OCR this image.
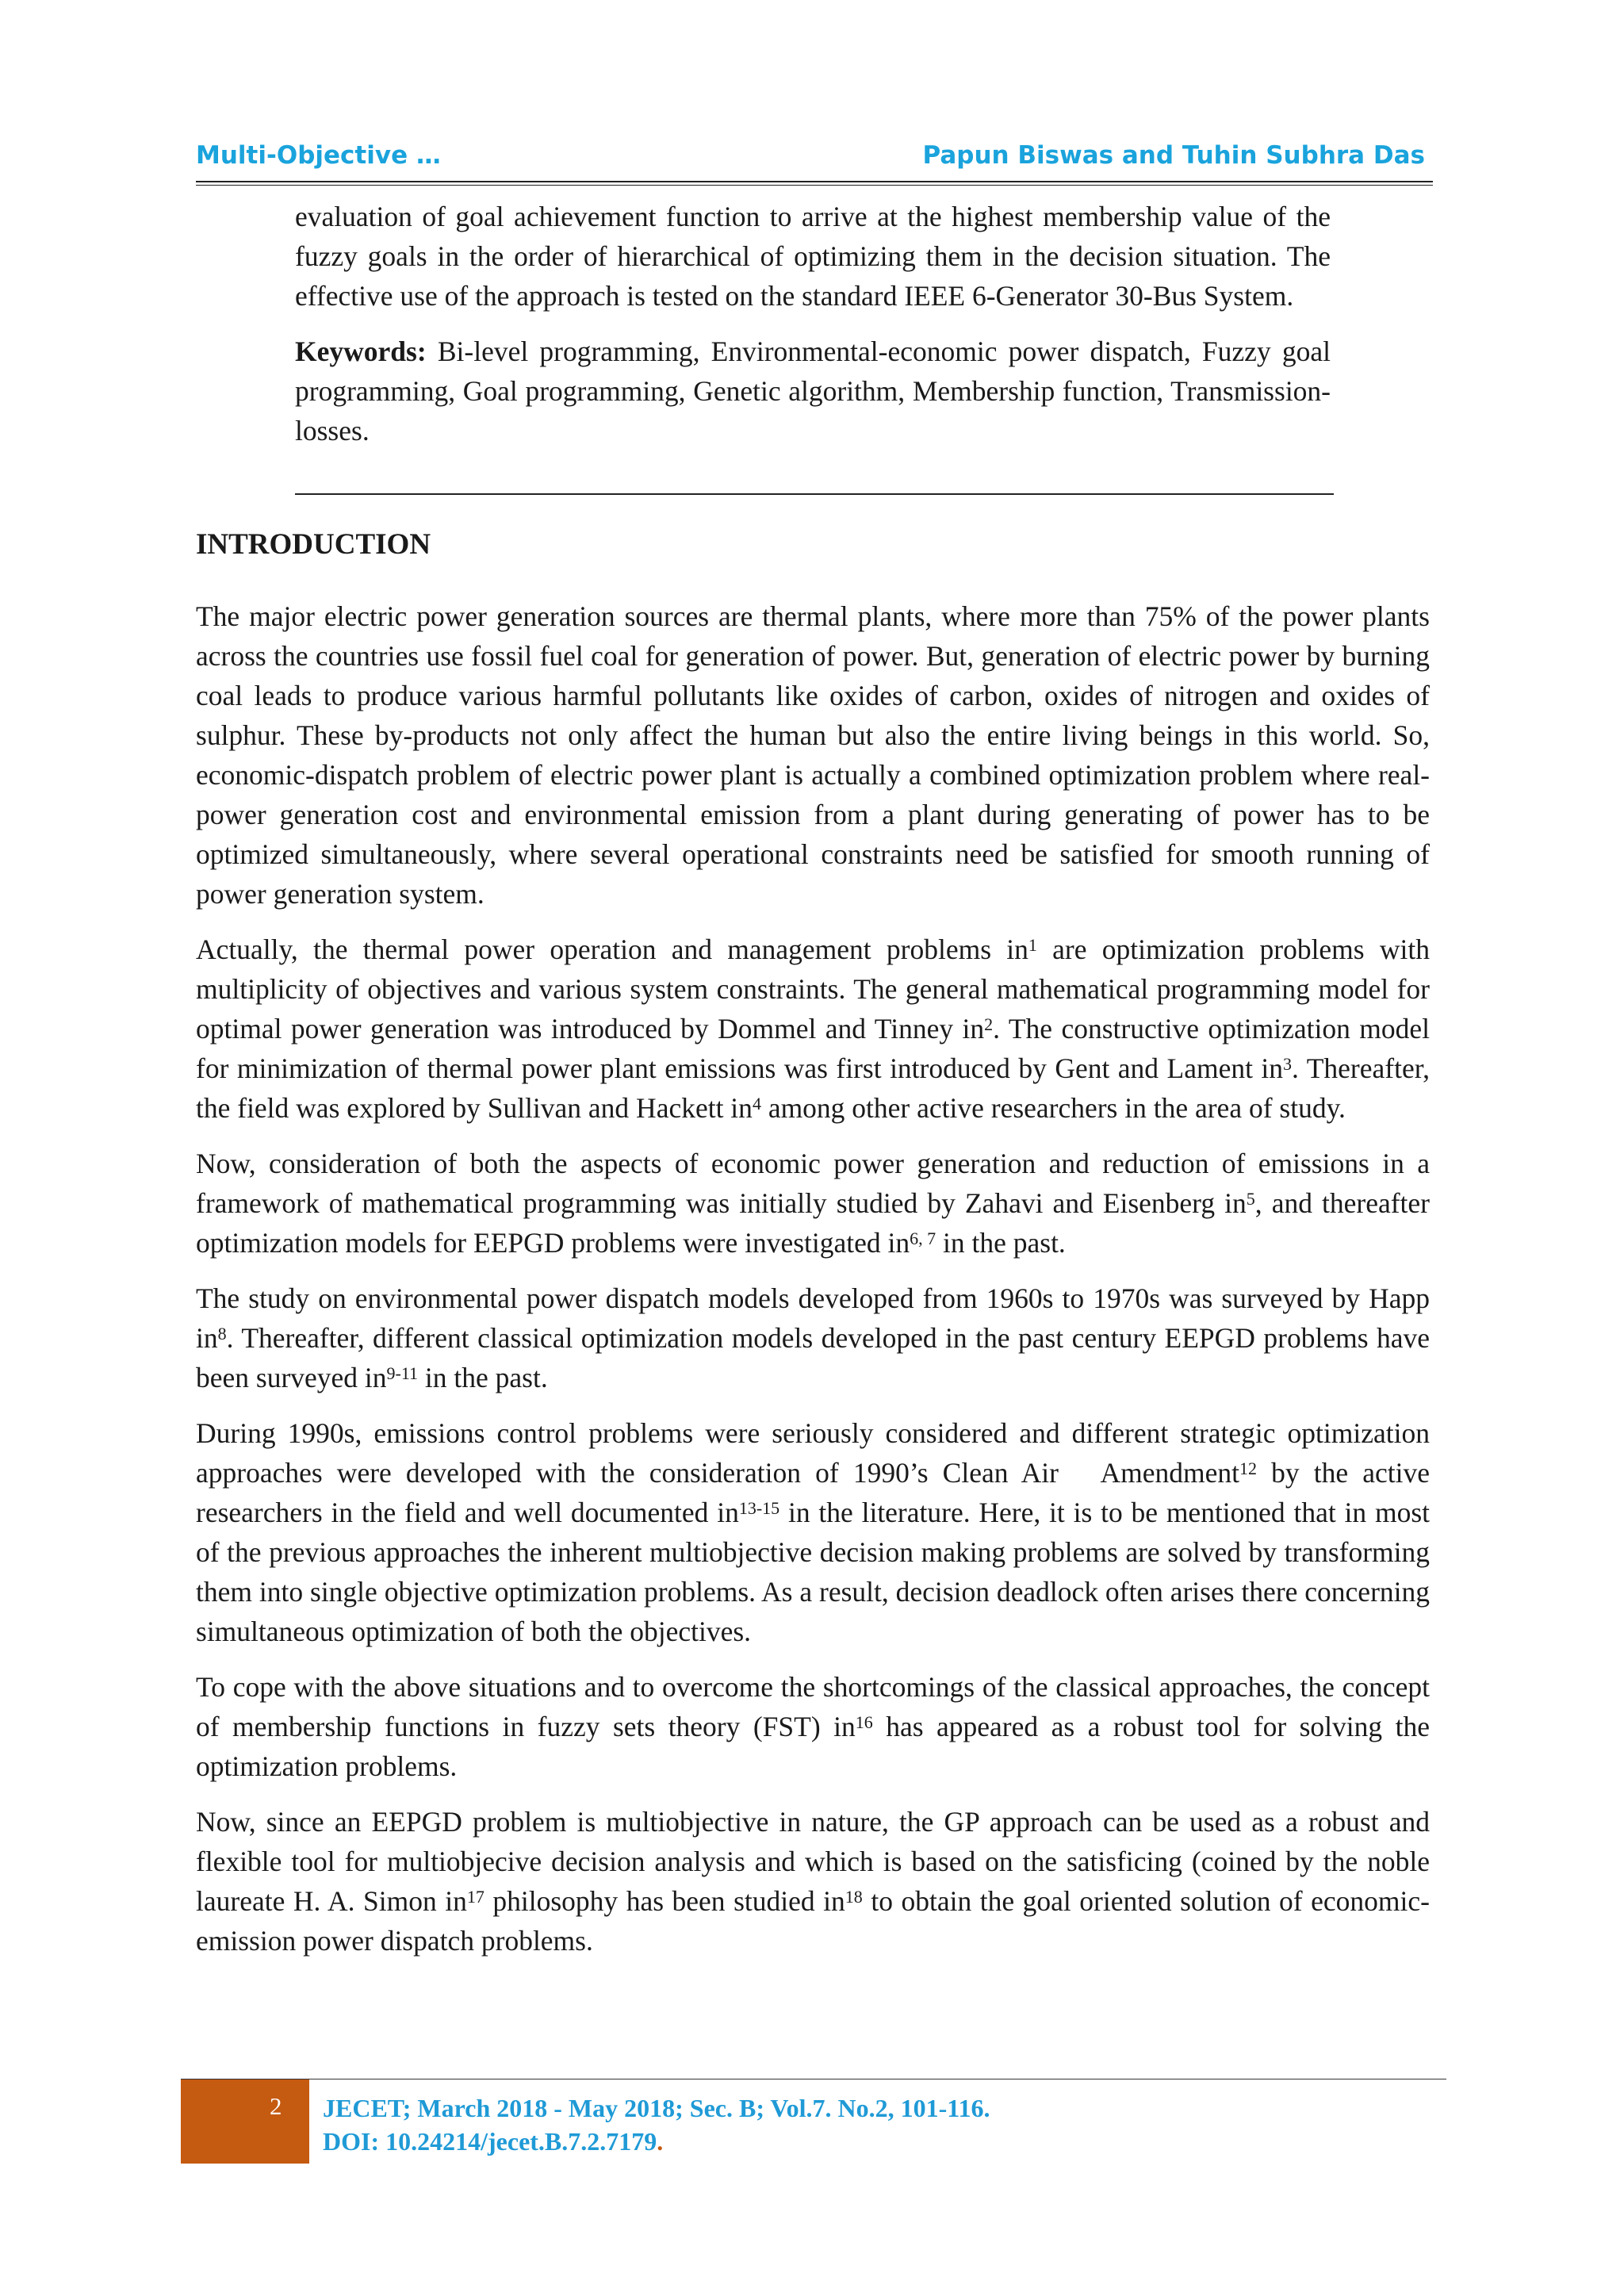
Multi-Objective …	Papun Biswas and Tuhin Subhra Das

evaluation of goal achievement function to arrive at the highest membership value of the fuzzy goals in the order of hierarchical of optimizing them in the decision situation. The effective use of the approach is tested on the standard IEEE 6-Generator 30-Bus System.

Keywords: Bi-level programming, Environmental-economic power dispatch, Fuzzy goal programming, Goal programming, Genetic algorithm, Membership function, Transmission-losses.

INTRODUCTION

The major electric power generation sources are thermal plants, where more than 75% of the power plants across the countries use fossil fuel coal for generation of power. But, generation of electric power by burning coal leads to produce various harmful pollutants like oxides of carbon, oxides of nitrogen and oxides of sulphur. These by-products not only affect the human but also the entire living beings in this world. So, economic-dispatch problem of electric power plant is actually a combined optimization problem where real-power generation cost and environmental emission from a plant during generating of power has to be optimized simultaneously, where several operational constraints need be satisfied for smooth running of power generation system.

Actually, the thermal power operation and management problems $in^1$ are optimization problems with multiplicity of objectives and various system constraints. The general mathematical programming model for optimal power generation was introduced by Dommel and Tinney $in^2$. The constructive optimization model for minimization of thermal power plant emissions was first introduced by Gent and Lament $in^3$. Thereafter, the field was explored by Sullivan and Hackett $in^4$ among other active researchers in the area of study.

Now, consideration of both the aspects of economic power generation and reduction of emissions in a framework of mathematical programming was initially studied by Zahavi and Eisenberg $in^5$, and thereafter optimization models for EEPGD problems were investigated in$^{6, 7}$ in the past.

The study on environmental power dispatch models developed from 1960s to 1970s was surveyed by Happ $in^8$. Thereafter, different classical optimization models developed in the past century EEPGD problems have been surveyed $in^{9-11}$ in the past.

During 1990s, emissions control problems were seriously considered and different strategic optimization approaches were developed with the consideration of 1990’s Clean Air   Amendment$^{12}$ by the active researchers in the field and well documented $in^{13-15}$ in the literature. Here, it is to be mentioned that in most of the previous approaches the inherent multiobjective decision making problems are solved by transforming them into single objective optimization problems. As a result, decision deadlock often arises there concerning simultaneous optimization of both the objectives.

To cope with the above situations and to overcome the shortcomings of the classical approaches, the concept of membership functions in fuzzy sets theory (FST) $in^{16}$ has appeared as a robust tool for solving the optimization problems.

Now, since an EEPGD problem is multiobjective in nature, the GP approach can be used as a robust and flexible tool for multiobjecive decision analysis and which is based on the satisficing (coined by the noble laureate H. A. Simon $in^{17}$ philosophy has been studied $in^{18}$ to obtain the goal oriented solution of economic-emission power dispatch problems.

2 JECET; March 2018 - May 2018; Sec. B; Vol.7. No.2, 101-116.
DOI: 10.24214/jecet.B.7.2.7179.
